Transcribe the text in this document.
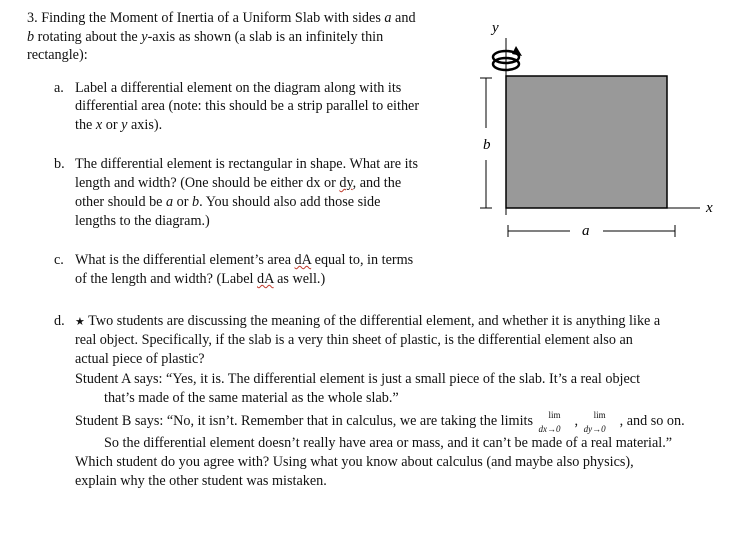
3. Finding the Moment of Inertia of a Uniform Slab with sides a and
b rotating about the y-axis as shown (a slab is an infinitely thin
rectangle):
a. Label a differential element on the diagram along with its
differential area (note: this should be a strip parallel to either
the x or y axis).
b. The differential element is rectangular in shape. What are its
length and width? (One should be either dx or dy, and the
other should be a or b. You should also add those side
lengths to the diagram.)
c. What is the differential element’s area dA equal to, in terms
of the length and width? (Label dA as well.)
d. ★ Two students are discussing the meaning of the differential element, and whether it is anything like a
real object. Specifically, if the slab is a very thin sheet of plastic, is the differential element also an
actual piece of plastic?
Student A says: “Yes, it is. The differential element is just a small piece of the slab. It’s a real object
that’s made of the same material as the whole slab.”
Student B says: “No, it isn’t. Remember that in calculus, we are taking the limits lim
dx→0 , lim
dy→0 , and so on.
So the differential element doesn’t really have area or mass, and it can’t be made of a real material.”
Which student do you agree with? Using what you know about calculus (and maybe also physics),
explain why the other student was mistaken.
y
x
b
a
